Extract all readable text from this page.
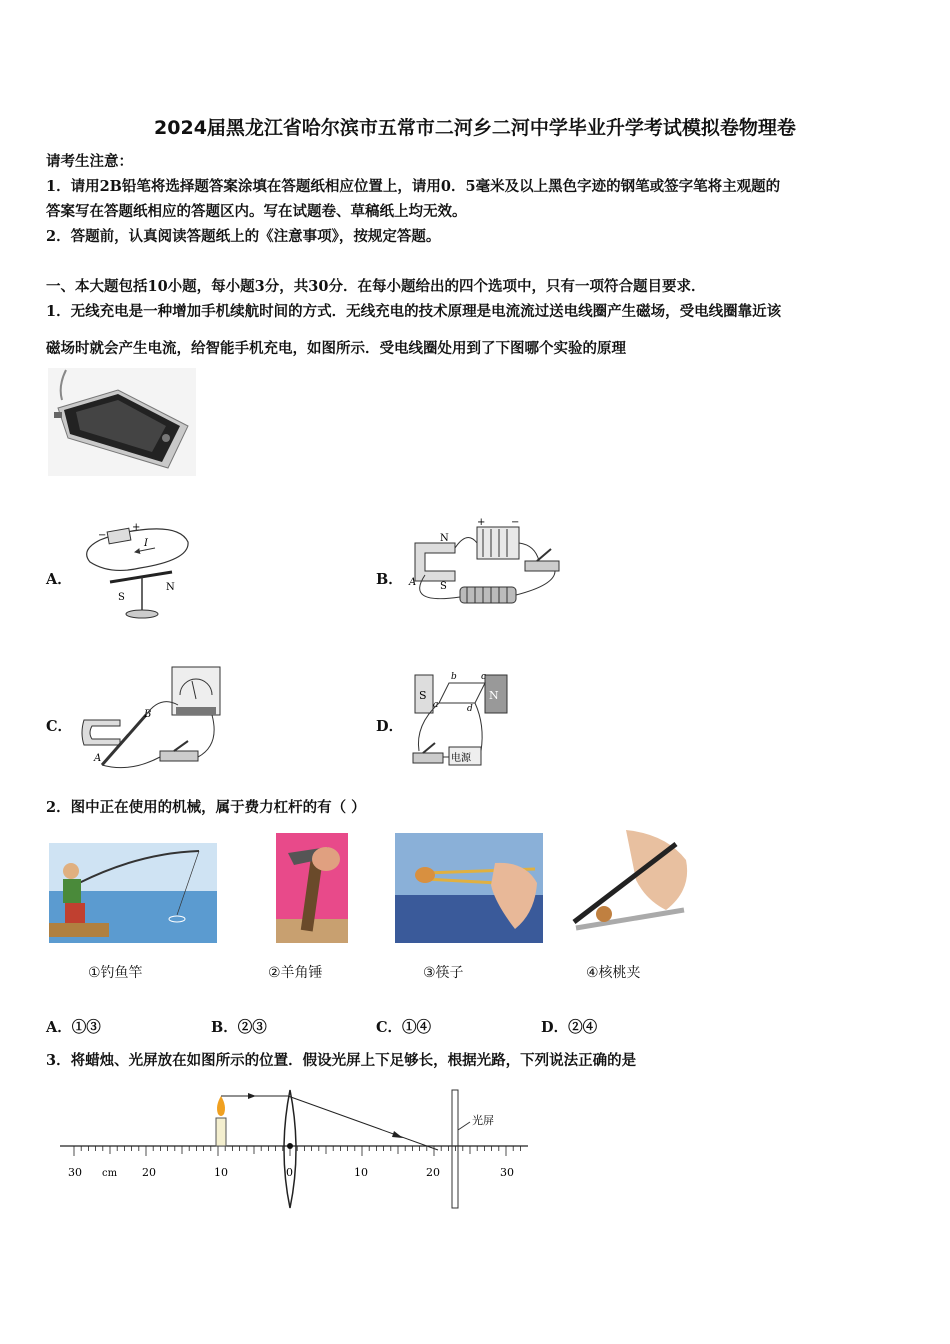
2024届黑龙江省哈尔滨市五常市二河乡二河中学毕业升学考试模拟卷物理卷
请考生注意：
1．请用2B铅笔将选择题答案涂填在答题纸相应位置上，请用0．5毫米及以上黑色字迹的钢笔或签字笔将主观题的
答案写在答题纸相应的答题区内。写在试题卷、草稿纸上均无效。
2．答题前，认真阅读答题纸上的《注意事项》，按规定答题。
一、本大题包括10小题，每小题3分，共30分．在每小题给出的四个选项中，只有一项符合题目要求．
1．无线充电是一种增加手机续航时间的方式．无线充电的技术原理是电流流过送电线圈产生磁场，受电线圈靠近该
磁场时就会产生电流，给智能手机充电，如图所示．受电线圈处用到了下图哪个实验的原理
A．
−
+
I
S
N	B．
N
S
A
+	−
C．
B
A
D．
S	N
b	c
a	d
电源
2．图中正在使用的机械，属于费力杠杆的有（ ）
①钓鱼竿	②羊角锤	③筷子	④核桃夹
A．①③	B．②③	C．①④	D．②④
3．将蜡烛、光屏放在如图所示的位置．假设光屏上下足够长，根据光路，下列说法正确的是
光屏
cm
30	20	10	0	10	20	30
